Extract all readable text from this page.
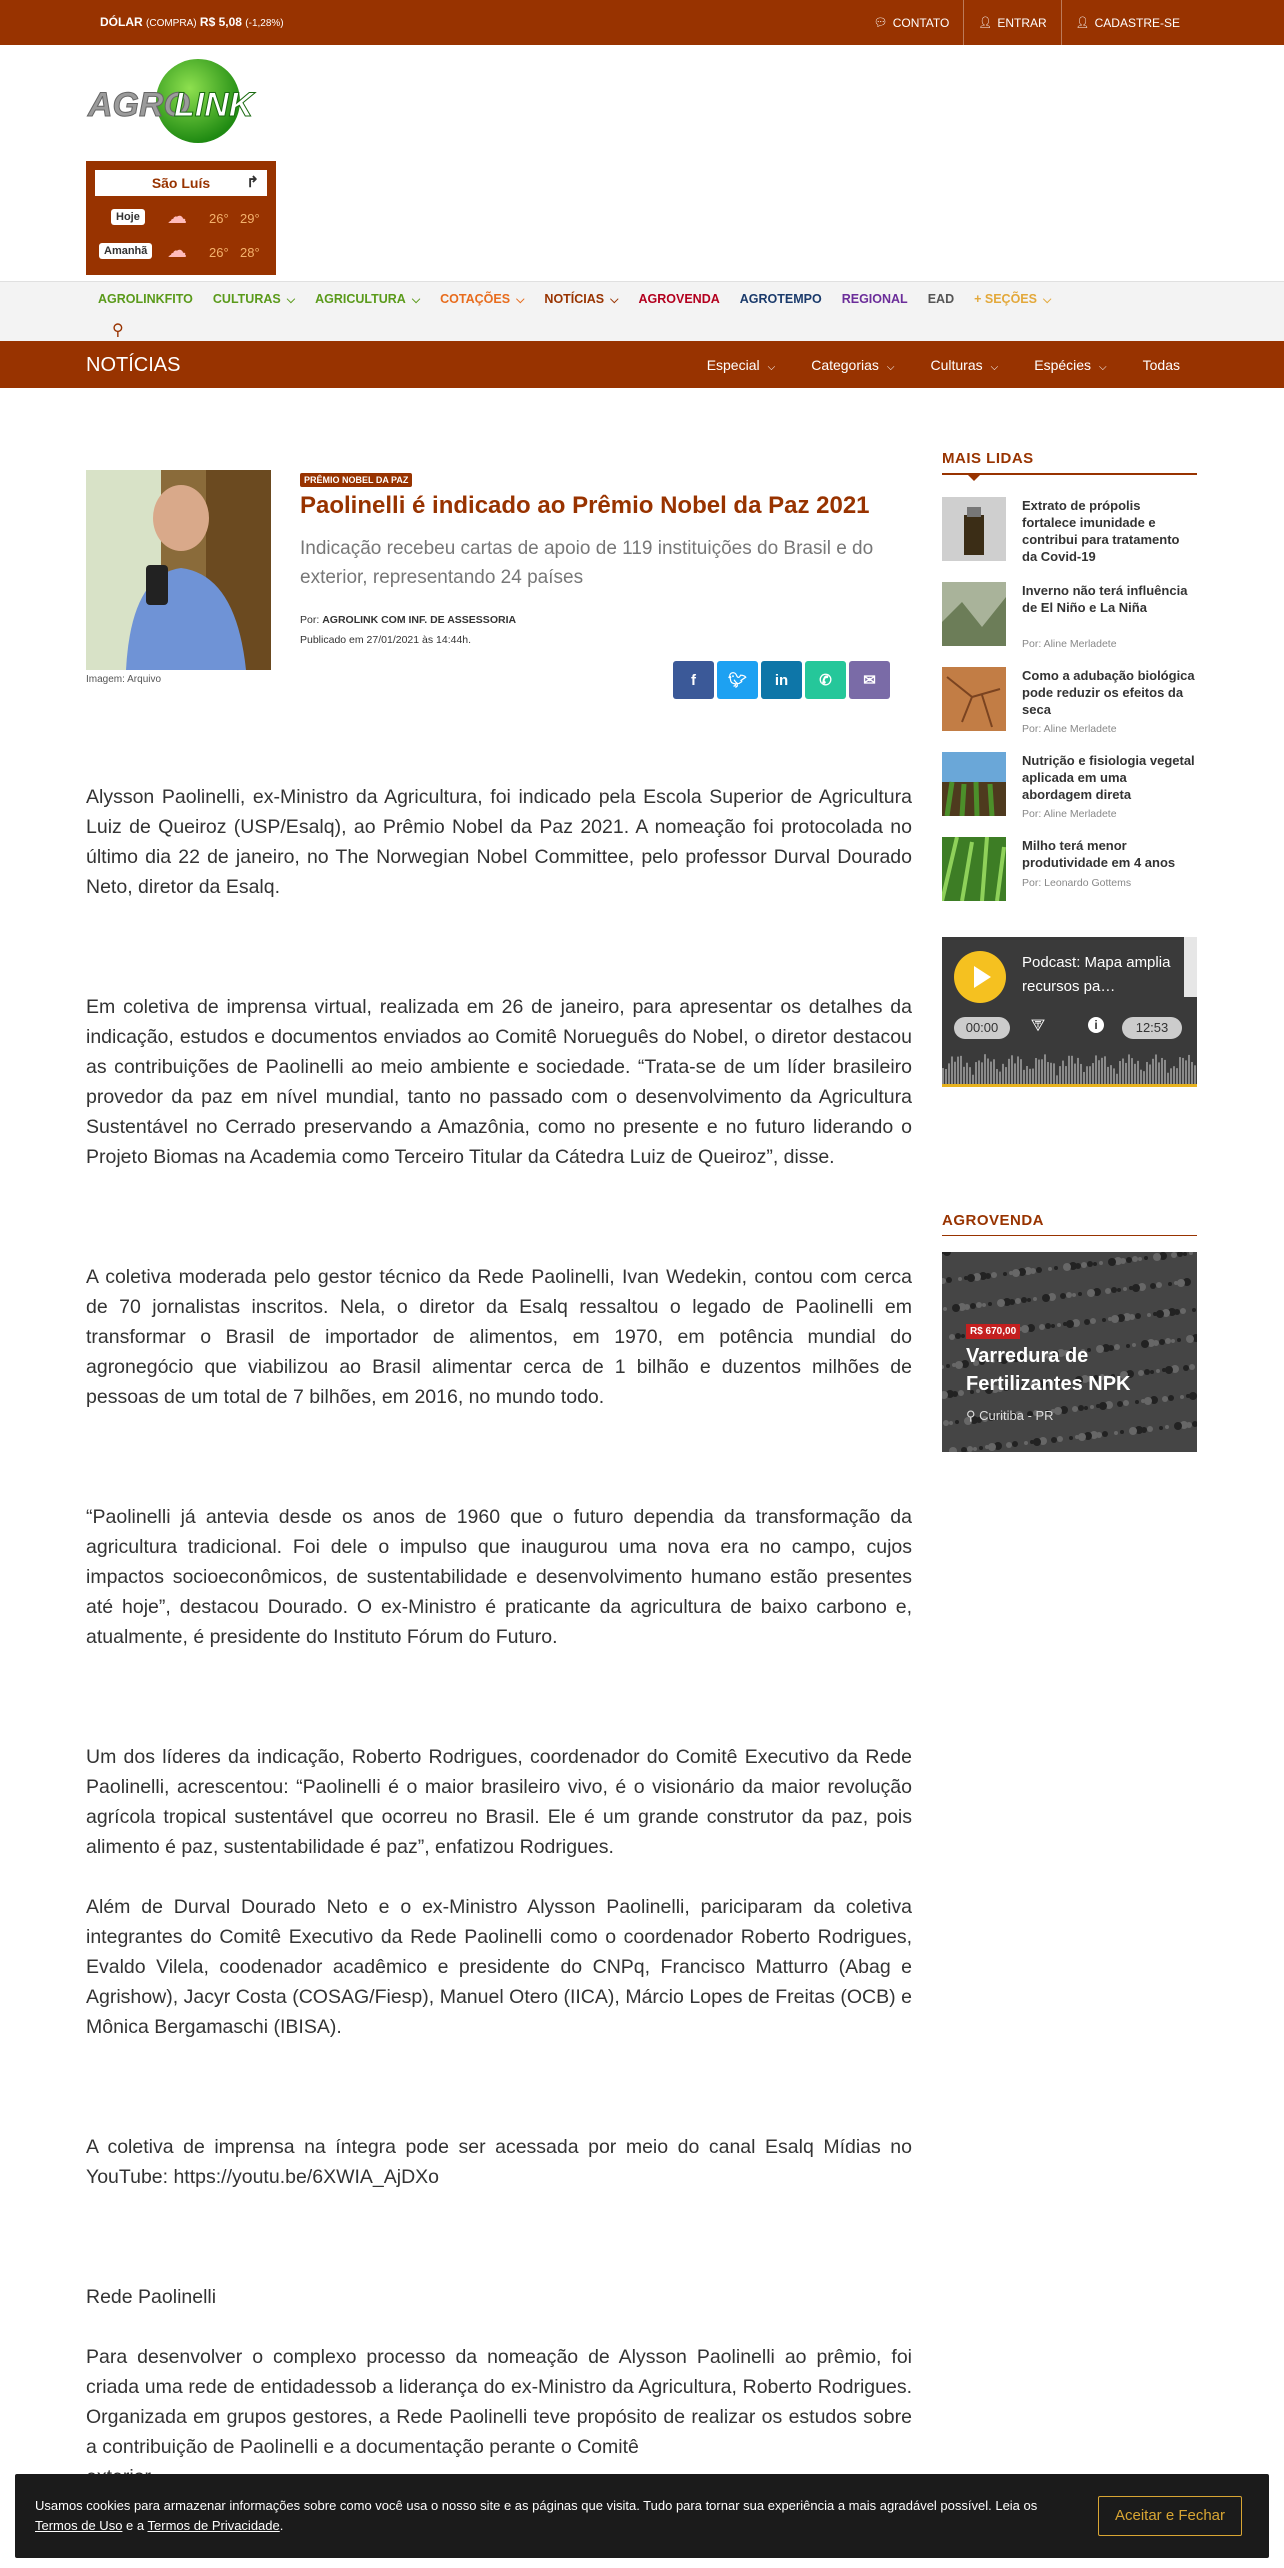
DÓLAR (COMPRA) R$ 5,08 (-1,28%)	💬︎ CONTATO	👤︎ ENTRAR	👤︎ CADASTRE-SE
AGRO
LINK
São Luís ↱
Hoje ☁︎ 26° 29°
Amanhã ☁︎ 26° 28°
AGROLINKFITO	CULTURAS ⌵	AGRICULTURA ⌵	COTAÇÕES ⌵	NOTÍCIAS ⌵	AGROVENDA	AGROTEMPO	REGIONAL	EAD	+ SEÇÕES ⌵
⚲
NOTÍCIAS	Especial ⌵	Categorias ⌵	Culturas ⌵	Espécies ⌵	Todas
Imagem: Arquivo
PRÊMIO NOBEL DA PAZ
Paolinelli é indicado ao Prêmio Nobel da Paz 2021
Indicação recebeu cartas de apoio de 119 instituições do Brasil e do exterior, representando 24 países
Por: AGROLINK COM INF. DE ASSESSORIA
Publicado em 27/01/2021 às 14:44h.
f	🐦︎	in	✆	✉

Alysson Paolinelli, ex-Ministro da Agricultura, foi indicado pela Escola Superior de Agricultura Luiz de Queiroz (USP/Esalq), ao Prêmio Nobel da Paz 2021. A nomeação foi protocolada no último dia 22 de janeiro, no The Norwegian Nobel Committee, pelo professor Durval Dourado Neto, diretor da Esalq.

Em coletiva de imprensa virtual, realizada em 26 de janeiro, para apresentar os detalhes da indicação, estudos e documentos enviados ao Comitê Norueguês do Nobel, o diretor destacou as contribuições de Paolinelli ao meio ambiente e sociedade. “Trata-se de um líder brasileiro provedor da paz em nível mundial, tanto no passado com o desenvolvimento da Agricultura Sustentável no Cerrado preservando a Amazônia, como no presente e no futuro liderando o Projeto Biomas na Academia como Terceiro Titular da Cátedra Luiz de Queiroz”, disse.

A coletiva moderada pelo gestor técnico da Rede Paolinelli, Ivan Wedekin, contou com cerca de 70 jornalistas inscritos. Nela, o diretor da Esalq ressaltou o legado de Paolinelli em transformar o Brasil de importador de alimentos, em 1970, em potência mundial do agronegócio que viabilizou ao Brasil alimentar cerca de 1 bilhão e duzentos milhões de pessoas de um total de 7 bilhões, em 2016, no mundo todo.

“Paolinelli já antevia desde os anos de 1960 que o futuro dependia da transformação da agricultura tradicional. Foi dele o impulso que inaugurou uma nova era no campo, cujos impactos socioeconômicos, de sustentabilidade e desenvolvimento humano estão presentes até hoje”, destacou Dourado. O ex-Ministro é praticante da agricultura de baixo carbono e, atualmente, é presidente do Instituto Fórum do Futuro.

Um dos líderes da indicação, Roberto Rodrigues, coordenador do Comitê Executivo da Rede Paolinelli, acrescentou: “Paolinelli é o maior brasileiro vivo, é o visionário da maior revolução agrícola tropical sustentável que ocorreu no Brasil. Ele é um grande construtor da paz, pois alimento é paz, sustentabilidade é paz”, enfatizou Rodrigues.

Além de Durval Dourado Neto e o ex-Ministro Alysson Paolinelli, pariciparam da coletiva integrantes do Comitê Executivo da Rede Paolinelli como o coordenador Roberto Rodrigues, Evaldo Vilela, coodenador acadêmico e presidente do CNPq, Francisco Matturro (Abag e Agrishow), Jacyr Costa (COSAG/Fiesp), Manuel Otero (IICA), Márcio Lopes de Freitas (OCB) e Mônica Bergamaschi (IBISA).

A coletiva de imprensa na íntegra pode ser acessada por meio do canal Esalq Mídias no YouTube: https://youtu.be/6XWIA_AjDXo

Rede Paolinelli

Para desenvolver o complexo processo da nomeação de Alysson Paolinelli ao prêmio, foi criada uma rede de entidadessob a liderança do ex-Ministro da Agricultura, Roberto Rodrigues. Organizada em grupos gestores, a Rede Paolinelli teve propósito de realizar os estudos sobre a contribuição de Paolinelli e a documentação perante o Comitê

MAIS LIDAS
Extrato de própolis fortalece imunidade e contribui para tratamento da Covid-19
Inverno não terá influência de El Niño e La Niña
Por: Aline Merladete
Como a adubação biológica pode reduzir os efeitos da seca
Por: Aline Merladete
Nutrição e fisiologia vegetal aplicada em uma abordagem direta
Por: Aline Merladete
Milho terá menor produtividade em 4 anos
Por: Leonardo Gottems
Podcast: Mapa amplia recursos pa…
00:00	⮗	i	12:53
AGROVENDA
R$ 670,00
Varredura de Fertilizantes NPK
⚲ Curitiba - PR
Usamos cookies para armazenar informações sobre como você usa o nosso site e as páginas que visita. Tudo para tornar sua experiência a mais agradável possível. Leia os Termos de Uso e a Termos de Privacidade.
Aceitar e Fechar
